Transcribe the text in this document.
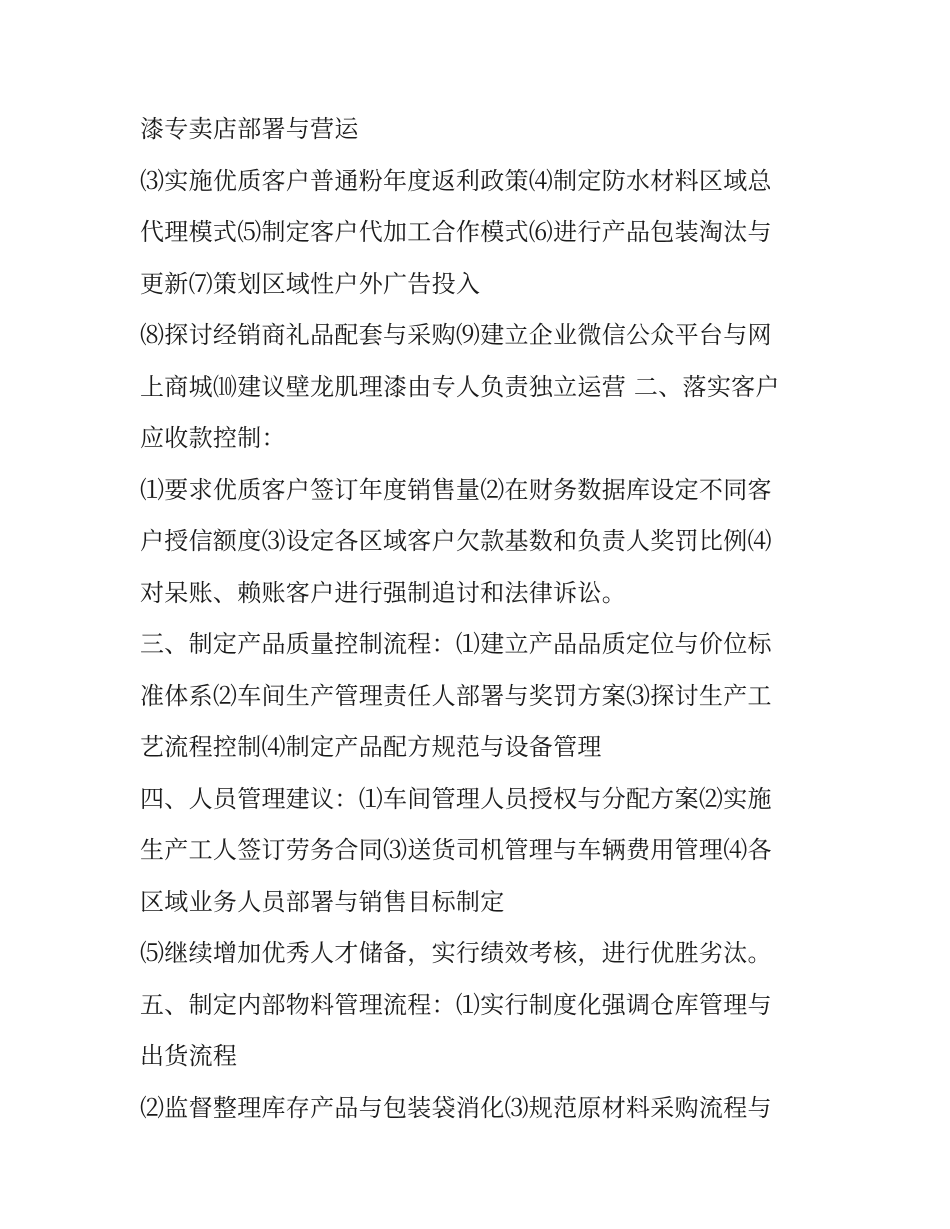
漆专卖店部署与营运
⑶实施优质客户普通粉年度返利政策⑷制定防水材料区域总
代理模式⑸制定客户代加工合作模式⑹进行产品包装淘汰与
更新⑺策划区域性户外广告投入
⑻探讨经销商礼品配套与采购⑼建立企业微信公众平台与网
上商城⑽建议壁龙肌理漆由专人负责独立运营 二、落实客户
应收款控制：
⑴要求优质客户签订年度销售量⑵在财务数据库设定不同客
户授信额度⑶设定各区域客户欠款基数和负责人奖罚比例⑷
对呆账、赖账客户进行强制追讨和法律诉讼。
三、制定产品质量控制流程：⑴建立产品品质定位与价位标
准体系⑵车间生产管理责任人部署与奖罚方案⑶探讨生产工
艺流程控制⑷制定产品配方规范与设备管理
四、人员管理建议：⑴车间管理人员授权与分配方案⑵实施
生产工人签订劳务合同⑶送货司机管理与车辆费用管理⑷各
区域业务人员部署与销售目标制定
⑸继续增加优秀人才储备，实行绩效考核，进行优胜劣汰。
五、制定内部物料管理流程：⑴实行制度化强调仓库管理与
出货流程
⑵监督整理库存产品与包装袋消化⑶规范原材料采购流程与
